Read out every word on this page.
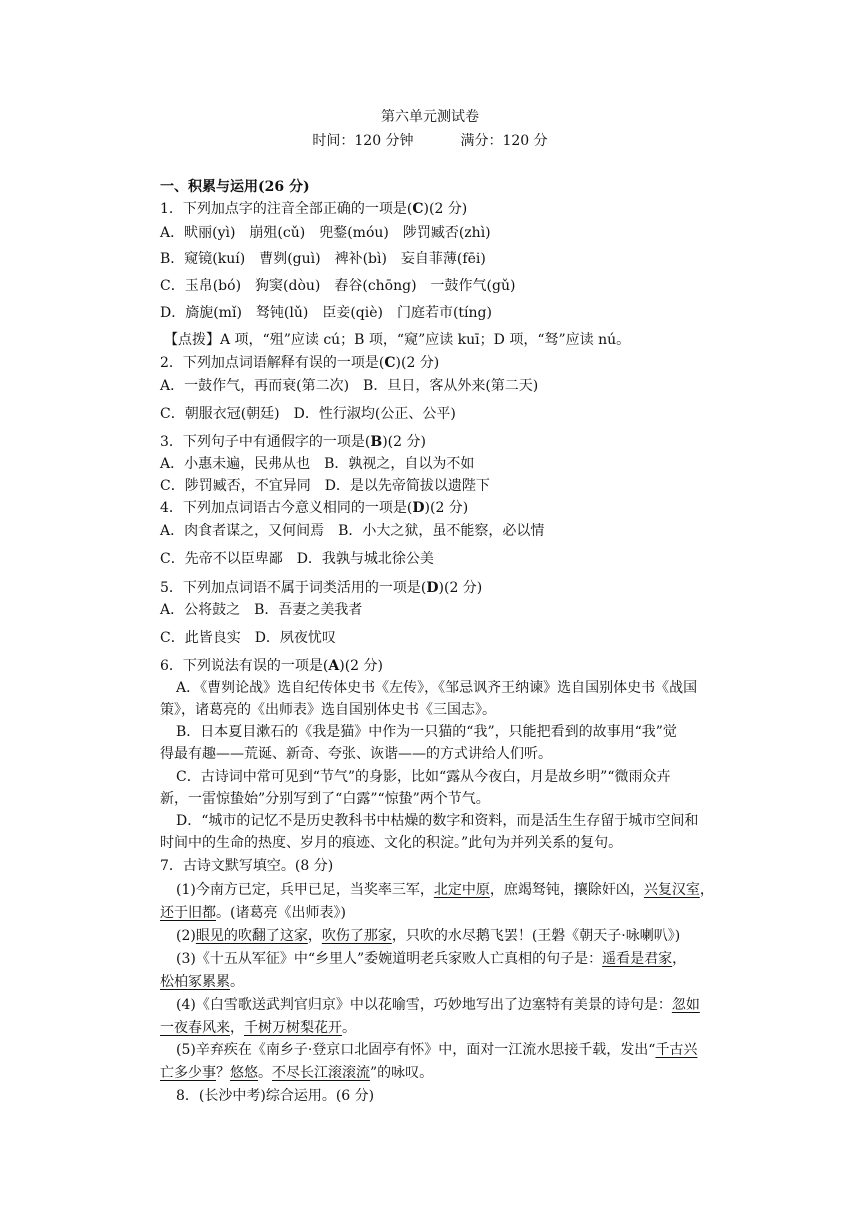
第六单元测试卷
时间：120 分钟	满分：120 分
一、积累与运用(26 分)
1．下列加点字的注音全部正确的一项是(C)(2 分)
A．畎丽(yì)　崩殂(cǔ)　兜鍪(móu)　陟罚臧否(zhì)
B．窥镜(kuí)　曹刿(guì)　裨补(bì)　妄自菲薄(fēi)
C．玉帛(bó)　狗窦(dòu)　舂谷(chōng)　一鼓作气(gǔ)
D．旖旎(mǐ)　驽钝(lǔ)　臣妾(qiè)　门庭若市(tíng)
【点拨】A 项，“殂”应读 cú；B 项，“窥”应读 kuī；D 项，“驽”应读 nú。
2．下列加点词语解释有误的一项是(C)(2 分)
A．一鼓作气，再而衰(第二次)　B．旦日，客从外来(第二天)
C．朝服衣冠(朝廷)　D．性行淑均(公正、公平)
3．下列句子中有通假字的一项是(B)(2 分)
A．小惠未遍，民弗从也　B．孰视之，自以为不如
C．陟罚臧否，不宜异同　D．是以先帝简拔以遗陛下
4．下列加点词语古今意义相同的一项是(D)(2 分)
A．肉食者谋之，又何间焉　B．小大之狱，虽不能察，必以情
C．先帝不以臣卑鄙　D．我孰与城北徐公美
5．下列加点词语不属于词类活用的一项是(D)(2 分)
A．公将鼓之　B．吾妻之美我者
C．此皆良实　D．夙夜忧叹
6．下列说法有误的一项是(A)(2 分)
A．《曹刿论战》选自纪传体史书《左传》，《邹忌讽齐王纳谏》选自国别体史书《战国
策》，诸葛亮的《出师表》选自国别体史书《三国志》。
B．日本夏目漱石的《我是猫》中作为一只猫的“我”，只能把看到的故事用“我”觉
得最有趣——荒诞、新奇、夸张、诙谐——的方式讲给人们听。
C．古诗词中常可见到“节气”的身影，比如“露从今夜白，月是故乡明”“微雨众卉
新，一雷惊蛰始”分别写到了“白露”“惊蛰”两个节气。
D．“城市的记忆不是历史教科书中枯燥的数字和资料，而是活生生存留于城市空间和
时间中的生命的热度、岁月的痕迹、文化的积淀。”此句为并列关系的复句。
7．古诗文默写填空。(8 分)
(1)今南方已定，兵甲已足，当奖率三军，北定中原，庶竭驽钝，攘除奸凶，兴复汉室，
还于旧都。(诸葛亮《出师表》)
(2)眼见的吹翻了这家，吹伤了那家，只吹的水尽鹅飞罢！(王磐《朝天子·咏喇叭》)
(3)《十五从军征》中“乡里人”委婉道明老兵家败人亡真相的句子是：遥看是君家，
松柏冢累累。
(4)《白雪歌送武判官归京》中以花喻雪，巧妙地写出了边塞特有美景的诗句是：忽如
一夜春风来，千树万树梨花开。
(5)辛弃疾在《南乡子·登京口北固亭有怀》中，面对一江流水思接千载，发出“千古兴
亡多少事？悠悠。不尽长江滚滚流”的咏叹。
8．(长沙中考)综合运用。(6 分)
